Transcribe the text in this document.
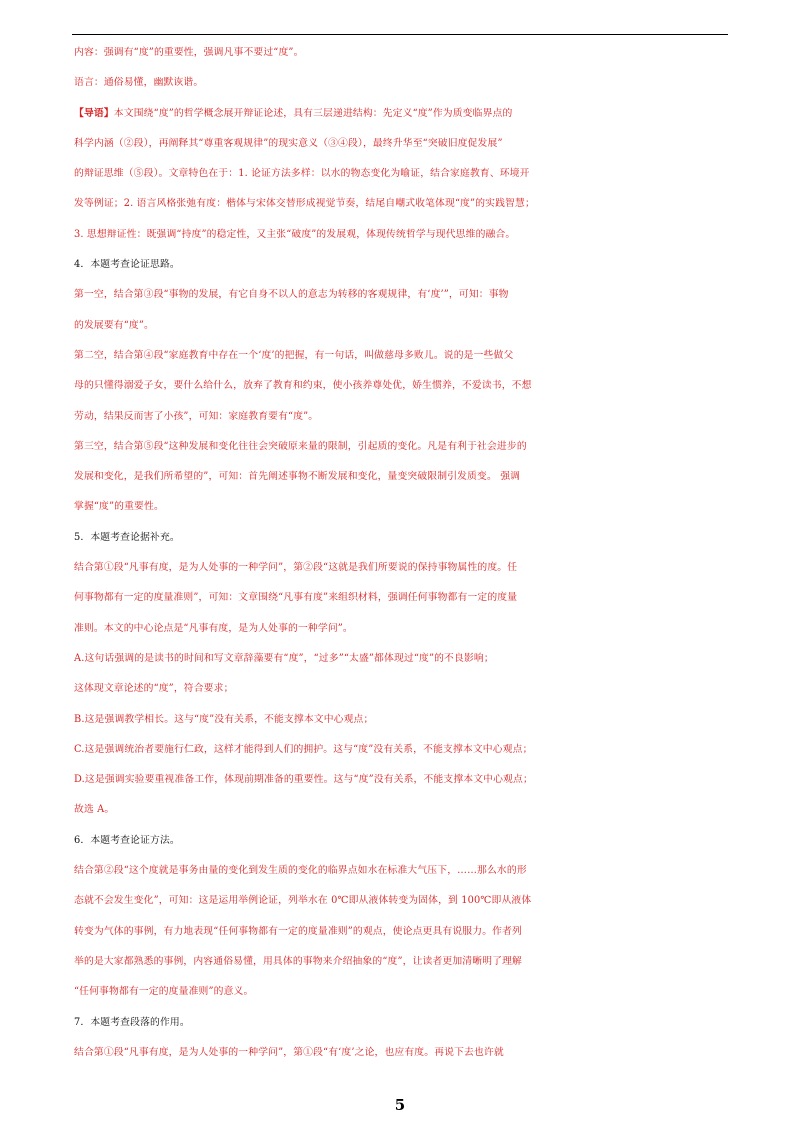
内容：强调有“度”的重要性，强调凡事不要过“度”。
语言：通俗易懂，幽默诙谐。
【导语】本文围绕“度”的哲学概念展开辩证论述，具有三层递进结构：先定义“度”作为质变临界点的
科学内涵（②段），再阐释其“尊重客观规律”的现实意义（③④段），最终升华至“突破旧度促发展”
的辩证思维（⑤段）。文章特色在于：1. 论证方法多样：以水的物态变化为喻证，结合家庭教育、环境开
发等例证；2. 语言风格张弛有度：楷体与宋体交替形成视觉节奏，结尾自嘲式收笔体现“度”的实践智慧；
3. 思想辩证性：既强调“持度”的稳定性，又主张“破度”的发展观，体现传统哲学与现代思维的融合。
4．本题考查论证思路。
第一空，结合第③段“事物的发展，有它自身不以人的意志为转移的客观规律，有‘度’”，可知：事物
的发展要有“度”。
第二空，结合第④段“家庭教育中存在一个‘度’的把握，有一句话，叫做慈母多败儿。说的是一些做父
母的只懂得溺爱子女，要什么给什么，放弃了教育和约束，使小孩养尊处优，娇生惯养，不爱读书，不想
劳动，结果反而害了小孩”，可知：家庭教育要有“度”。
第三空，结合第⑤段“这种发展和变化往往会突破原来量的限制，引起质的变化。凡是有利于社会进步的
发展和变化，是我们所希望的”，可知：首先阐述事物不断发展和变化，量变突破限制引发质变。 强调
掌握“度”的重要性。
5．本题考查论据补充。
结合第①段“凡事有度，是为人处事的一种学问”，第②段“这就是我们所要说的保持事物属性的度。任
何事物都有一定的度量准则”，可知：文章围绕“凡事有度”来组织材料，强调任何事物都有一定的度量
准则。本文的中心论点是“凡事有度，是为人处事的一种学问”。
A.这句话强调的是读书的时间和写文章辞藻要有“度”，“过多”“太盛”都体现过“度”的不良影响；
这体现文章论述的“度”，符合要求；
B.这是强调教学相长。这与“度”没有关系，不能支撑本文中心观点；
C.这是强调统治者要施行仁政，这样才能得到人们的拥护。这与“度”没有关系，不能支撑本文中心观点；
D.这是强调实验要重视准备工作，体现前期准备的重要性。这与“度”没有关系，不能支撑本文中心观点；
故选 A。
6．本题考查论证方法。
结合第②段“这个度就是事务由量的变化到发生质的变化的临界点如水在标准大气压下，……那么水的形
态就不会发生变化”，可知：这是运用举例论证，列举水在 0℃即从液体转变为固体，到 100℃即从液体
转变为气体的事例，有力地表现“任何事物都有一定的度量准则”的观点，使论点更具有说服力。作者列
举的是大家都熟悉的事例，内容通俗易懂，用具体的事物来介绍抽象的“度”，让读者更加清晰明了理解
“任何事物都有一定的度量准则”的意义。
7．本题考查段落的作用。
结合第①段“凡事有度，是为人处事的一种学问”，第①段“有‘度’之论，也应有度。再说下去也许就
5
